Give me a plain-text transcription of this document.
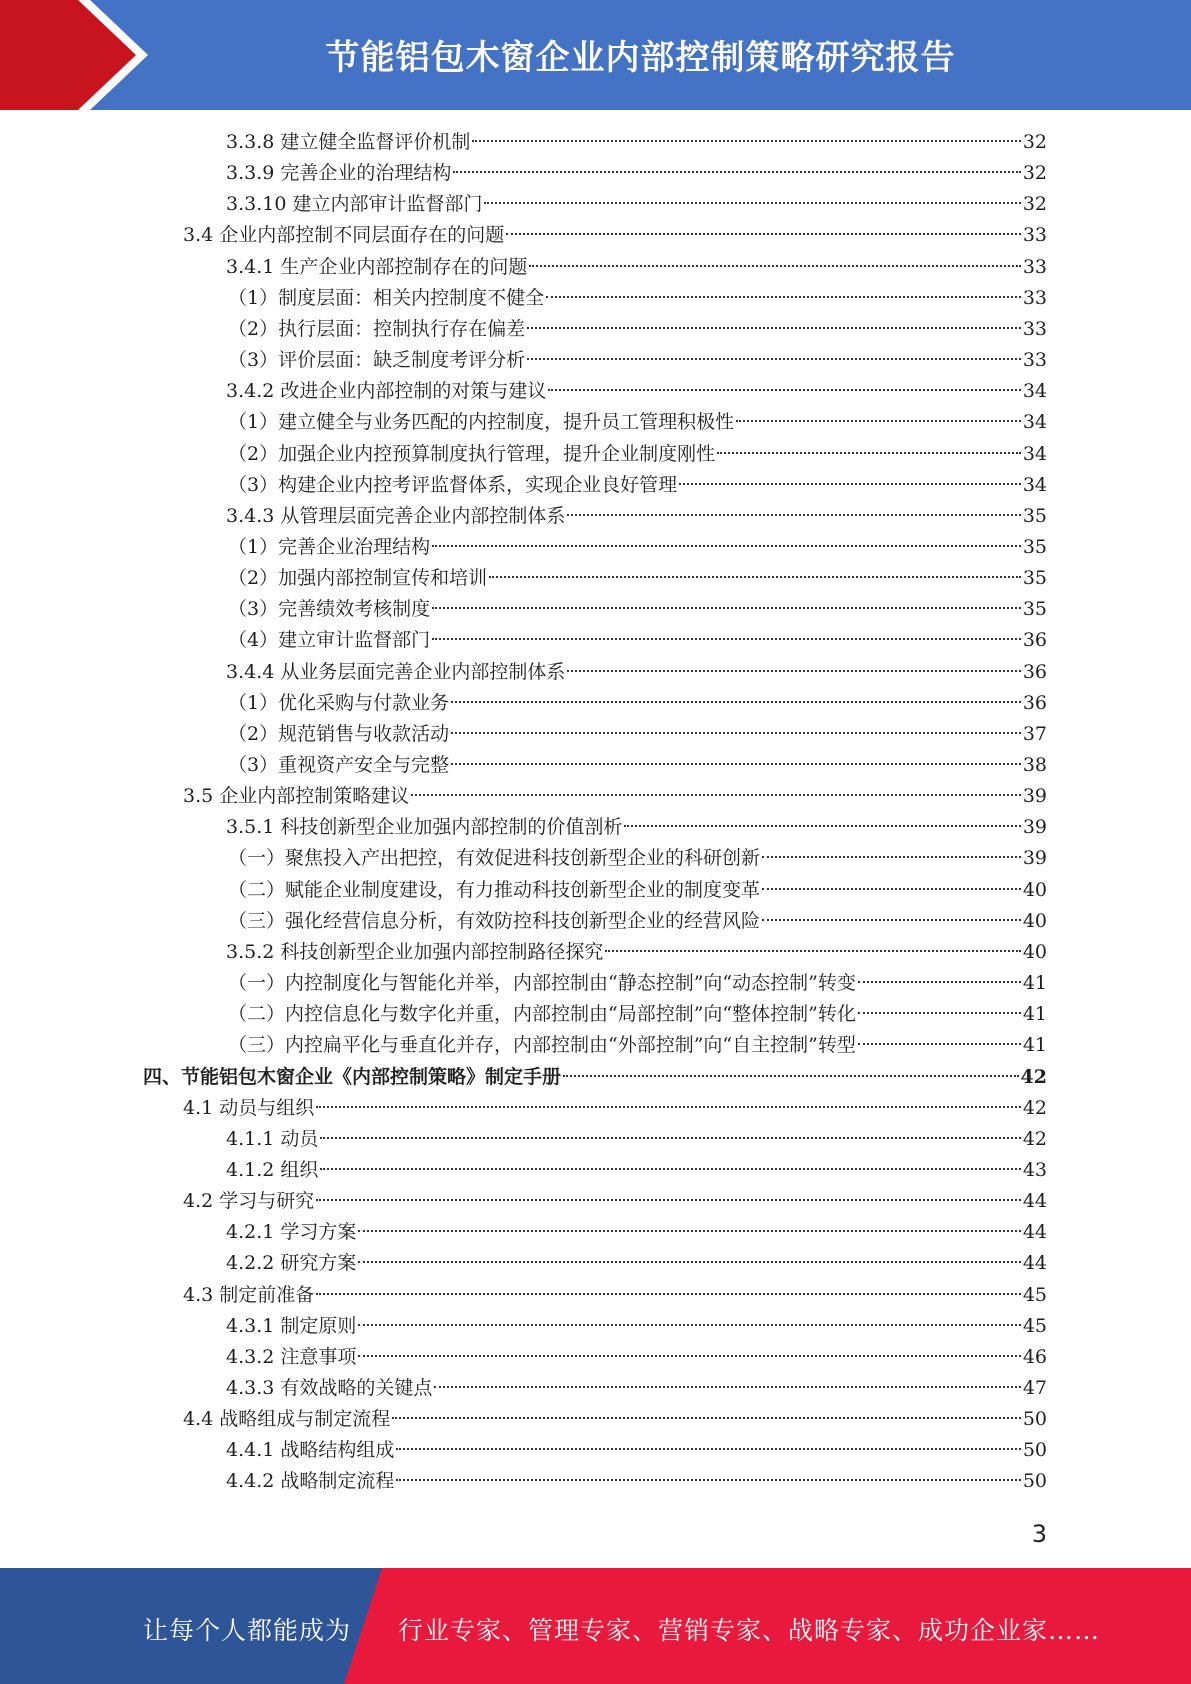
节能铝包木窗企业内部控制策略研究报告
3.3.8 建立健全监督评价机制	32
3.3.9 完善企业的治理结构	32
3.3.10 建立内部审计监督部门	32
3.4 企业内部控制不同层面存在的问题	33
3.4.1 生产企业内部控制存在的问题	33
（1）制度层面：相关内控制度不健全	33
（2）执行层面：控制执行存在偏差	33
（3）评价层面：缺乏制度考评分析	33
3.4.2 改进企业内部控制的对策与建议	34
（1）建立健全与业务匹配的内控制度，提升员工管理积极性	34
（2）加强企业内控预算制度执行管理，提升企业制度刚性	34
（3）构建企业内控考评监督体系，实现企业良好管理	34
3.4.3 从管理层面完善企业内部控制体系	35
（1）完善企业治理结构	35
（2）加强内部控制宣传和培训	35
（3）完善绩效考核制度	35
（4）建立审计监督部门	36
3.4.4 从业务层面完善企业内部控制体系	36
（1）优化采购与付款业务	36
（2）规范销售与收款活动	37
（3）重视资产安全与完整	38
3.5 企业内部控制策略建议	39
3.5.1 科技创新型企业加强内部控制的价值剖析	39
（一）聚焦投入产出把控，有效促进科技创新型企业的科研创新	39
（二）赋能企业制度建设，有力推动科技创新型企业的制度变革	40
（三）强化经营信息分析，有效防控科技创新型企业的经营风险	40
3.5.2 科技创新型企业加强内部控制路径探究	40
（一）内控制度化与智能化并举，内部控制由“静态控制”向“动态控制”转变	41
（二）内控信息化与数字化并重，内部控制由“局部控制”向“整体控制”转化	41
（三）内控扁平化与垂直化并存，内部控制由“外部控制”向“自主控制”转型	41
四、节能铝包木窗企业《内部控制策略》制定手册	42
4.1 动员与组织	42
4.1.1 动员	42
4.1.2 组织	43
4.2 学习与研究	44
4.2.1 学习方案	44
4.2.2 研究方案	44
4.3 制定前准备	45
4.3.1 制定原则	45
4.3.2 注意事项	46
4.3.3 有效战略的关键点	47
4.4 战略组成与制定流程	50
4.4.1 战略结构组成	50
4.4.2 战略制定流程	50
3
让每个人都能成为 行业专家、管理专家、营销专家、战略专家、成功企业家……
